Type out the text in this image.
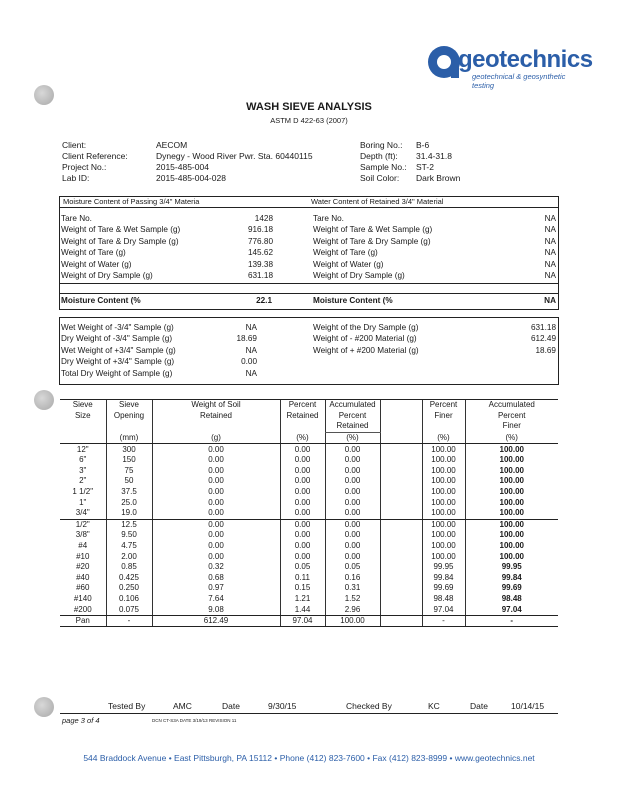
geotechnics
geotechnical & geosynthetic testing
WASH SIEVE ANALYSIS
ASTM D 422-63 (2007)
Client:	AECOM
Client Reference:	Dynegy - Wood River Pwr. Sta. 60440115
Project No.:	2015-485-004
Lab ID:	2015-485-004-028
Boring No.: B-6
Depth (ft): 31.4-31.8
Sample No.: ST-2
Soil Color: Dark Brown
Moisture Content of Passing 3/4" Materia	Water Content of Retained 3/4" Material
Tare No.	1428
Weight of Tare & Wet Sample (g)	916.18
Weight of Tare & Dry Sample (g)	776.80
Weight of Tare (g)	145.62
Weight of Water (g)	139.38
Weight of Dry Sample (g)	631.18
Tare No.	NA
Weight of Tare & Wet Sample (g)	NA
Weight of Tare & Dry Sample (g)	NA
Weight of Tare (g)	NA
Weight of Water (g)	NA
Weight of Dry Sample (g)	NA
Moisture Content (%	22.1	Moisture Content (%	NA
Wet Weight of -3/4" Sample (g)	NA
Dry Weight of -3/4" Sample (g)	18.69
Wet Weight of +3/4" Sample (g)	NA
Dry Weight of +3/4" Sample (g)	0.00
Total Dry Weight of Sample (g)	NA
Weight of the Dry Sample (g)	631.18
Weight of - #200 Material (g)	612.49
Weight of + #200 Material (g)	18.69
Sieve	Sieve	Weight of Soil	Percent	Accumulated		Percent	Accumulated
Size	Opening	Retained	Retained	Percent		Finer	Percent
				Retained			Finer
	(mm)	(g)	(%)	(%)		(%)	(%)
12"	300	0.00	0.00	0.00		100.00	100.00
6"	150	0.00	0.00	0.00		100.00	100.00
3"	75	0.00	0.00	0.00		100.00	100.00
2"	50	0.00	0.00	0.00		100.00	100.00
1 1/2"	37.5	0.00	0.00	0.00		100.00	100.00
1"	25.0	0.00	0.00	0.00		100.00	100.00
3/4"	19.0	0.00	0.00	0.00		100.00	100.00
1/2"	12.5	0.00	0.00	0.00		100.00	100.00
3/8"	9.50	0.00	0.00	0.00		100.00	100.00
#4	4.75	0.00	0.00	0.00		100.00	100.00
#10	2.00	0.00	0.00	0.00		100.00	100.00
#20	0.85	0.32	0.05	0.05		99.95	99.95
#40	0.425	0.68	0.11	0.16		99.84	99.84
#60	0.250	0.97	0.15	0.31		99.69	99.69
#140	0.106	7.64	1.21	1.52		98.48	98.48
#200	0.075	9.08	1.44	2.96		97.04	97.04
Pan	-	612.49	97.04	100.00		-	-
Tested By	AMC	Date	9/30/15	Checked By	KC	Date	10/14/15
page 3 of 4	DCN CT-S3A DATE 3/19/13 REVISION 11
544 Braddock Avenue • East Pittsburgh, PA 15112 • Phone (412) 823-7600 • Fax (412) 823-8999 • www.geotechnics.net
